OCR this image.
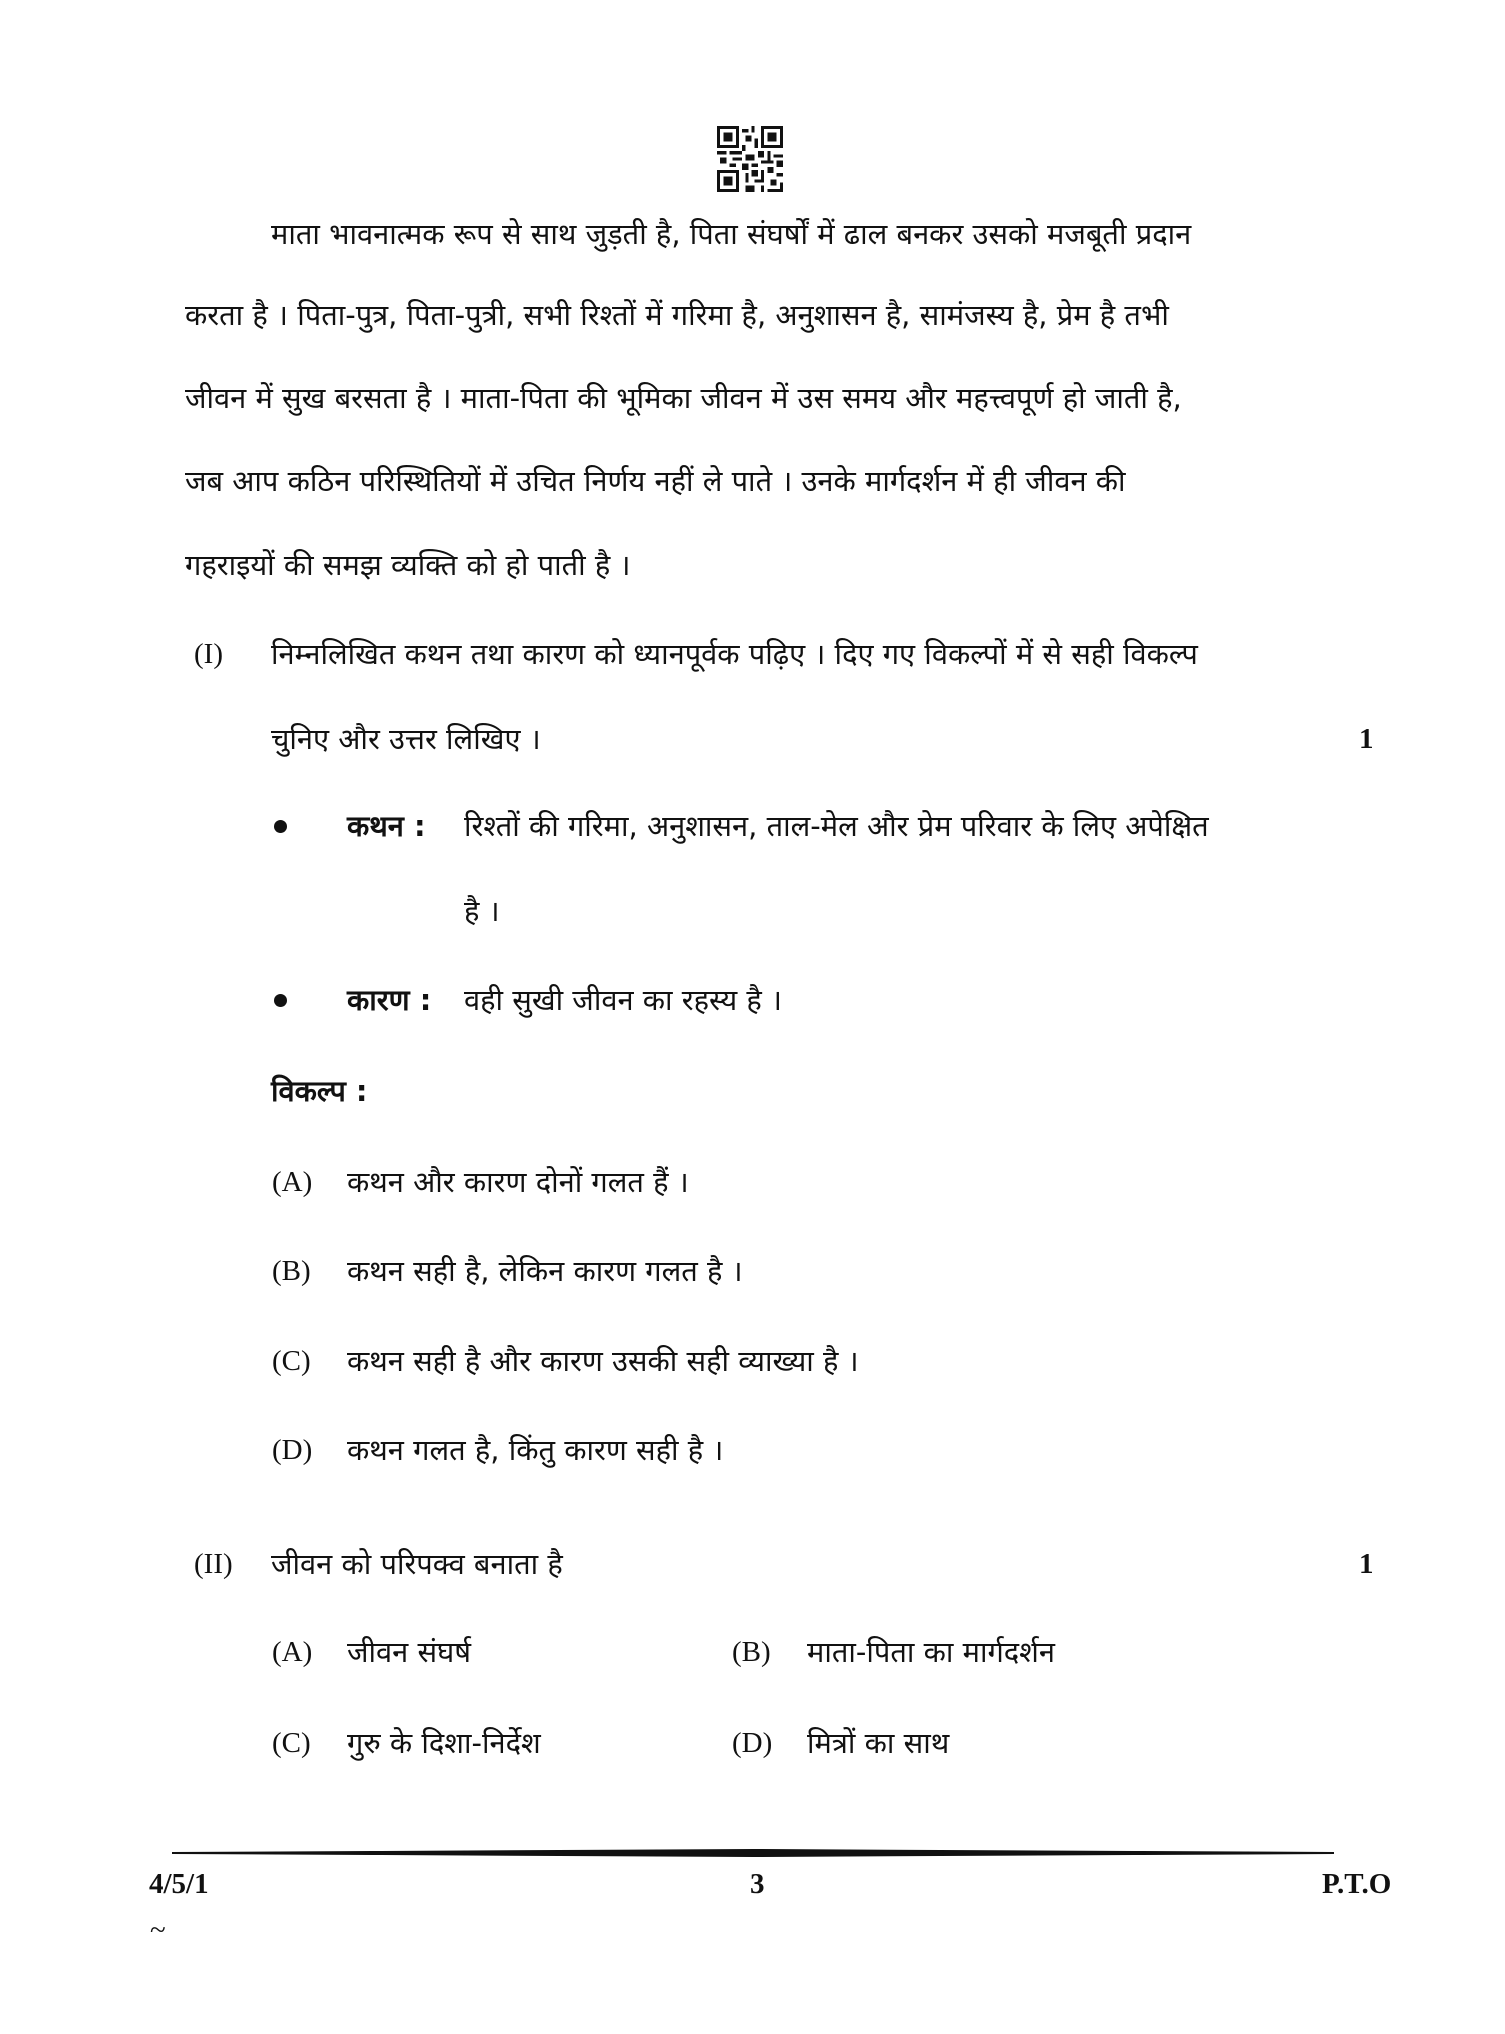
माता भावनात्मक रूप से साथ जुड़ती है, पिता संघर्षों में ढाल बनकर उसको मजबूती प्रदान
करता है । पिता-पुत्र, पिता-पुत्री, सभी रिश्तों में गरिमा है, अनुशासन है, सामंजस्य है, प्रेम है तभी
जीवन में सुख बरसता है । माता-पिता की भूमिका जीवन में उस समय और महत्त्वपूर्ण हो जाती है,
जब आप कठिन परिस्थितियों में उचित निर्णय नहीं ले पाते । उनके मार्गदर्शन में ही जीवन की
गहराइयों की समझ व्यक्ति को हो पाती है ।
(I) निम्नलिखित कथन तथा कारण को ध्यानपूर्वक पढ़िए । दिए गए विकल्पों में से सही विकल्प
चुनिए और उत्तर लिखिए ।	1
कथन : रिश्तों की गरिमा, अनुशासन, ताल-मेल और प्रेम परिवार के लिए अपेक्षित
है ।
कारण : वही सुखी जीवन का रहस्य है ।
विकल्प :
(A) कथन और कारण दोनों गलत हैं ।
(B) कथन सही है, लेकिन कारण गलत है ।
(C) कथन सही है और कारण उसकी सही व्याख्या है ।
(D) कथन गलत है, किंतु कारण सही है ।
(II) जीवन को परिपक्व बनाता है	1
(A) जीवन संघर्ष	(B) माता-पिता का मार्गदर्शन
(C) गुरु के दिशा-निर्देश	(D) मित्रों का साथ
4/5/1	3	P.T.O
~
